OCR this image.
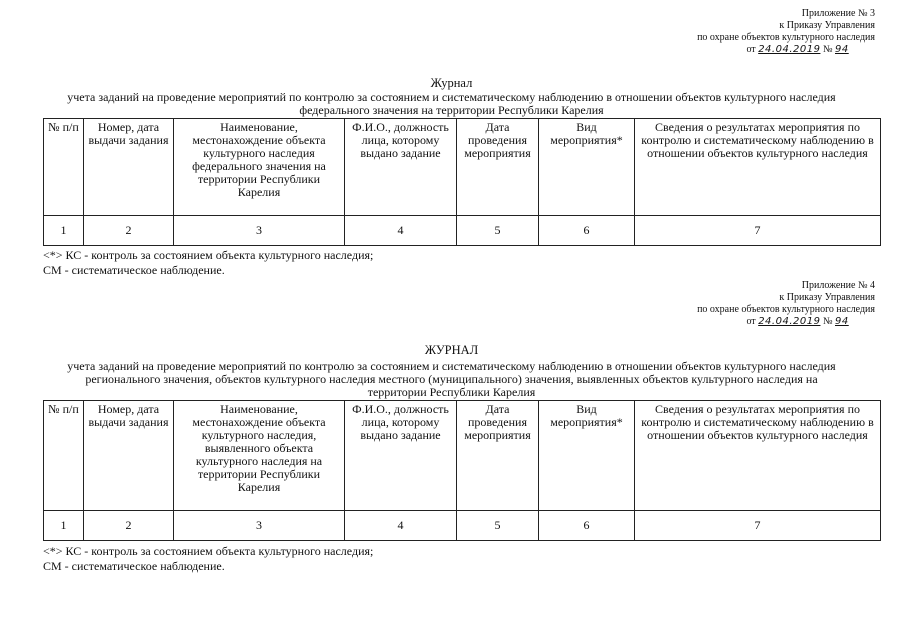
Приложение № 3
к Приказу Управления
по охране объектов культурного наследия
от 24.04.2019 № 94
Журнал
учета заданий на проведение мероприятий по контролю за состоянием и систематическому наблюдению в отношении объектов культурного наследия
федерального значения на территории Республики Карелия
№ п/п	Номер, дата выдачи задания	Наименование, местонахождение объекта культурного наследия федерального значения на территории Республики Карелия	Ф.И.О., должность лица, которому выдано задание	Дата проведения мероприятия	Вид мероприятия*	Сведения о результатах мероприятия по контролю и систематическому наблюдению в отношении объектов культурного наследия
1	2	3	4	5	6	7
<*> КС - контроль за состоянием объекта культурного наследия;
СМ - систематическое наблюдение.
Приложение № 4
к Приказу Управления
по охране объектов культурного наследия
от 24.04.2019 № 94
ЖУРНАЛ
учета заданий на проведение мероприятий по контролю за состоянием и систематическому наблюдению в отношении объектов культурного наследия
регионального значения, объектов культурного наследия местного (муниципального) значения, выявленных объектов культурного наследия на
территории Республики Карелия
№ п/п	Номер, дата выдачи задания	Наименование, местонахождение объекта культурного наследия, выявленного объекта культурного наследия на территории Республики Карелия	Ф.И.О., должность лица, которому выдано задание	Дата проведения мероприятия	Вид мероприятия*	Сведения о результатах мероприятия по контролю и систематическому наблюдению в отношении объектов культурного наследия
1	2	3	4	5	6	7
<*> КС - контроль за состоянием объекта культурного наследия;
СМ - систематическое наблюдение.
